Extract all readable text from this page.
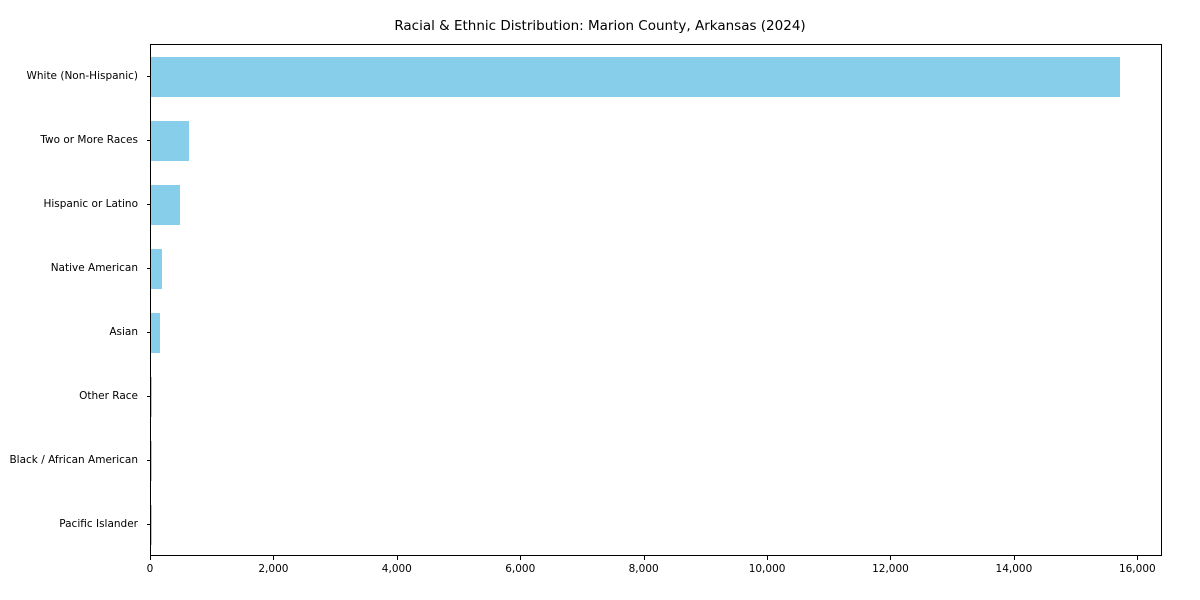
Racial & Ethnic Distribution: Marion County, Arkansas (2024)
White (Non-Hispanic)
Two or More Races
Hispanic or Latino
Native American
Asian
Other Race
Black / African American
Pacific Islander
0	2,000	4,000	6,000	8,000	10,000	12,000	14,000	16,000
